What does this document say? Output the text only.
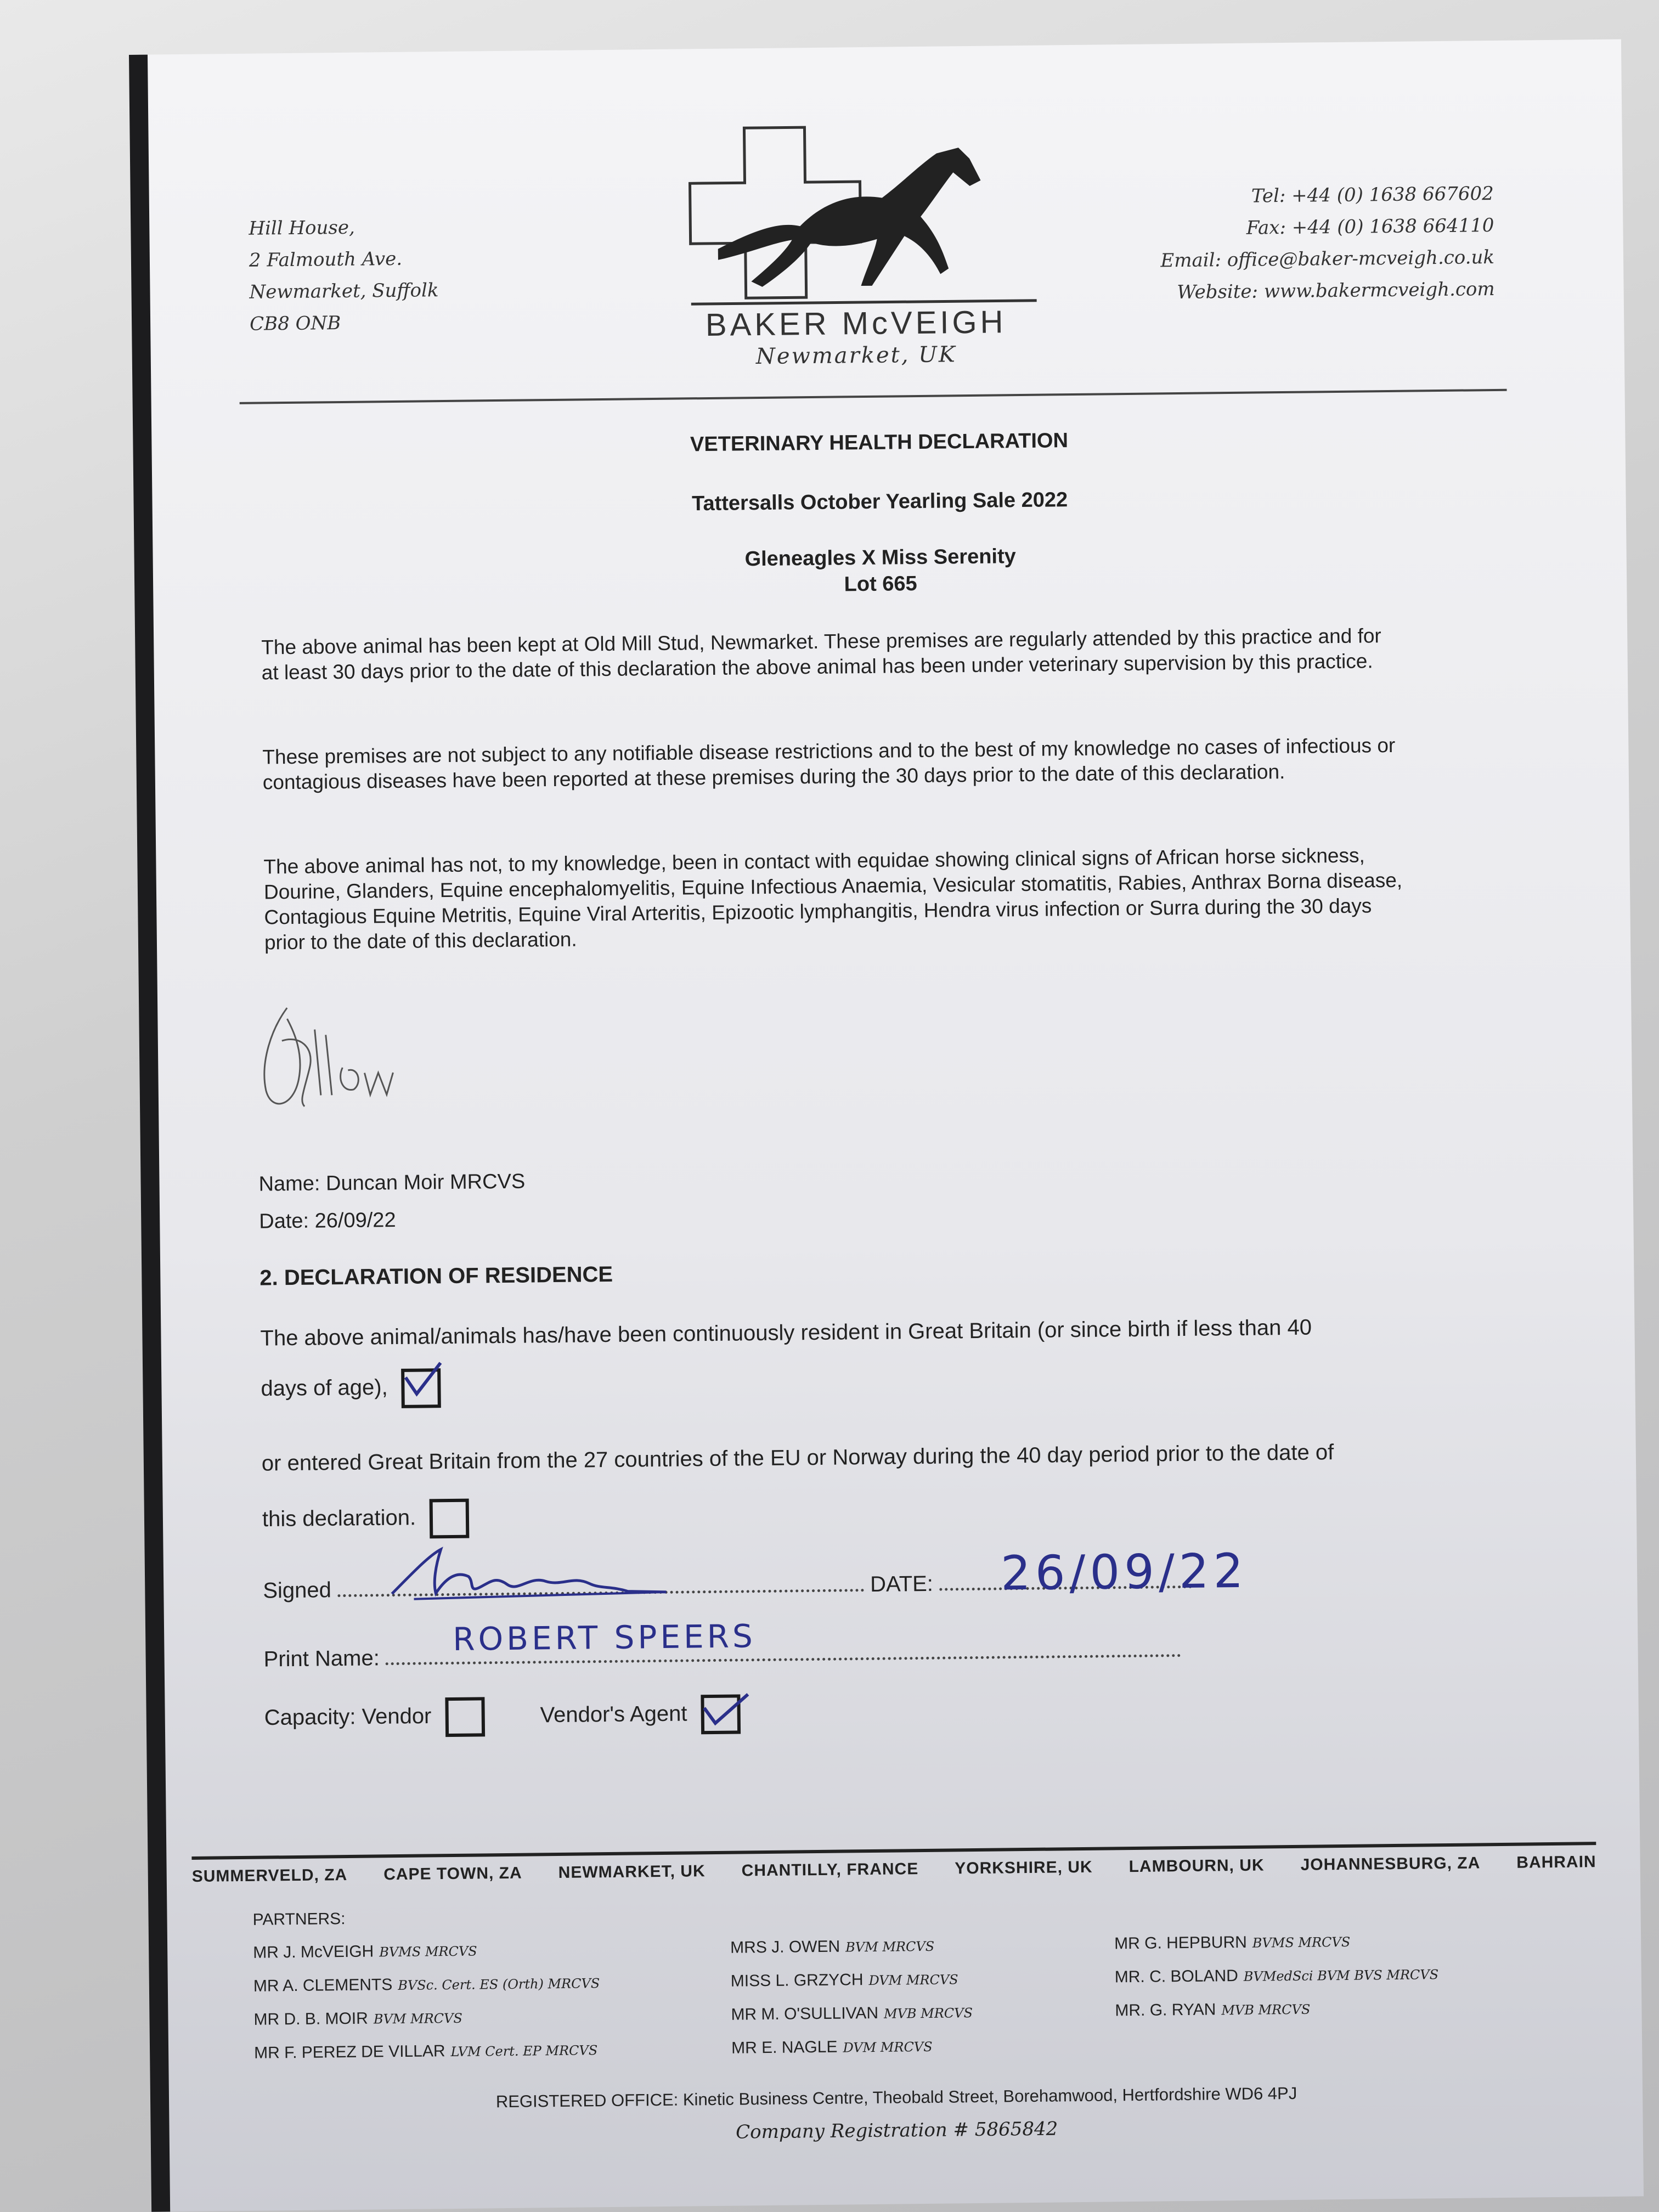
Hill House,
2 Falmouth Ave.
Newmarket, Suffolk
CB8 ONB	BAKER McVEIGH
Newmarket, UK
Tel: +44 (0) 1638 667602
Fax: +44 (0) 1638 664110
Email: office@baker-mcveigh.co.uk
Website: www.bakermcveigh.com
VETERINARY HEALTH DECLARATION
Tattersalls October Yearling Sale 2022
Gleneagles X Miss Serenity
Lot 665
The above animal has been kept at Old Mill Stud, Newmarket. These premises are regularly attended by this practice and for at least 30 days prior to the date of this declaration the above animal has been under veterinary supervision by this practice.
These premises are not subject to any notifiable disease restrictions and to the best of my knowledge no cases of infectious or contagious diseases have been reported at these premises during the 30 days prior to the date of this declaration.
The above animal has not, to my knowledge, been in contact with equidae showing clinical signs of African horse sickness, Dourine, Glanders, Equine encephalomyelitis, Equine Infectious Anaemia, Vesicular stomatitis, Rabies, Anthrax Borna disease, Contagious Equine Metritis, Equine Viral Arteritis, Epizootic lymphangitis, Hendra virus infection or Surra during the 30 days prior to the date of this declaration.
Name: Duncan Moir MRCVS
Date: 26/09/22
2. DECLARATION OF RESIDENCE
The above animal/animals has/have been continuously resident in Great Britain (or since birth if less than 40
days of age),
or entered Great Britain from the 27 countries of the EU or Norway during the 40 day period prior to the date of
this declaration.
Signed	DATE:	26/09/22
Print Name:
ROBERT SPEERS
Capacity: Vendor	Vendor's Agent
SUMMERVELD, ZA CAPE TOWN, ZA NEWMARKET, UK CHANTILLY, FRANCE YORKSHIRE, UK LAMBOURN, UK JOHANNESBURG, ZA BAHRAIN
PARTNERS:
MR J. McVEIGH BVMS MRCVS
MR A. CLEMENTS BVSc. Cert. ES (Orth) MRCVS
MR D. B. MOIR BVM MRCVS
MR F. PEREZ DE VILLAR LVM Cert. EP MRCVS
MRS J. OWEN BVM MRCVS
MISS L. GRZYCH DVM MRCVS
MR M. O'SULLIVAN MVB MRCVS
MR E. NAGLE DVM MRCVS
MR G. HEPBURN BVMS MRCVS
MR. C. BOLAND BVMedSci BVM BVS MRCVS
MR. G. RYAN MVB MRCVS
REGISTERED OFFICE: Kinetic Business Centre, Theobald Street, Borehamwood, Hertfordshire WD6 4PJ
Company Registration # 5865842
